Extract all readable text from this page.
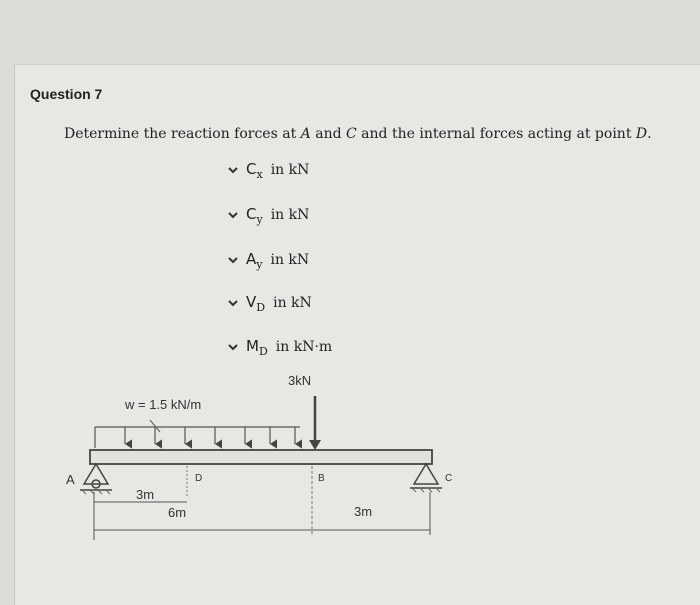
Question 7
Determine the reaction forces at A and C and the internal forces acting at point D.
$C_x$ in kN
$C_y$ in kN
$A_y$ in kN
$V_D$ in kN
$M_D$ in kN·m
w = 1.5 kN/m
3kN
A	C
D	B
3m
6m	3m
